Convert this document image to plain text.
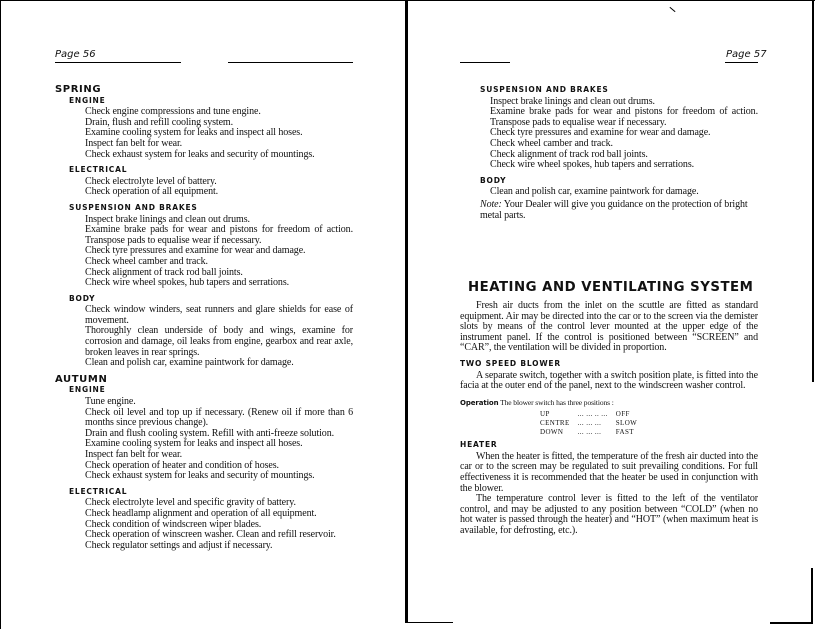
Page 56

SPRING

ENGINE

Check engine compressions and tune engine.
Drain, flush and refill cooling system.
Examine cooling system for leaks and inspect all hoses.
Inspect fan belt for wear.
Check exhaust system for leaks and security of mountings.

ELECTRICAL

Check electrolyte level of battery.
Check operation of all equipment.

SUSPENSION AND BRAKES

Inspect brake linings and clean out drums.
Examine brake pads for wear and pistons for freedom of action. Transpose pads to equalise wear if necessary.
Check tyre pressures and examine for wear and damage.
Check wheel camber and track.
Check alignment of track rod ball joints.
Check wire wheel spokes, hub tapers and serrations.

BODY

Check window winders, seat runners and glare shields for ease of movement.
Thoroughly clean underside of body and wings, examine for corrosion and damage, oil leaks from engine, gearbox and rear axle, broken leaves in rear springs.
Clean and polish car, examine paintwork for damage.

AUTUMN

ENGINE

Tune engine.
Check oil level and top up if necessary. (Renew oil if more than 6 months since previous change).
Drain and flush cooling system. Refill with anti-freeze solution.
Examine cooling system for leaks and inspect all hoses.
Inspect fan belt for wear.
Check operation of heater and condition of hoses.
Check exhaust system for leaks and security of mountings.

ELECTRICAL

Check electrolyte level and specific gravity of battery.
Check headlamp alignment and operation of all equipment.
Check condition of windscreen wiper blades.
Check operation of winscreen washer. Clean and refill reservoir.
Check regulator settings and adjust if necessary.
Page 57

SUSPENSION AND BRAKES

Inspect brake linings and clean out drums.
Examine brake pads for wear and pistons for freedom of action. Transpose pads to equalise wear if necessary.
Check tyre pressures and examine for wear and damage.
Check wheel camber and track.
Check alignment of track rod ball joints.
Check wire wheel spokes, hub tapers and serrations.

BODY

Clean and polish car, examine paintwork for damage.

Note: Your Dealer will give you guidance on the protection of bright metal parts.

HEATING AND VENTILATING SYSTEM

Fresh air ducts from the inlet on the scuttle are fitted as standard equipment. Air may be directed into the car or to the screen via the demister slots by means of the control lever mounted at the upper edge of the instrument panel. If the control is positioned between “SCREEN” and “CAR”, the ventilation will be divided in proportion.

TWO SPEED BLOWER

A separate switch, together with a switch position plate, is fitted into the facia at the outer end of the panel, next to the windscreen washer control.

Operation The blower switch has three positions :

UP	... ... .. ...	OFF
CENTRE	... ... ...	SLOW
DOWN	... ... ...	FAST

HEATER

When the heater is fitted, the temperature of the fresh air ducted into the car or to the screen may be regulated to suit prevailing conditions. For full effectiveness it is recommended that the heater be used in conjunction with the blower.

The temperature control lever is fitted to the left of the ventilator control, and may be adjusted to any position between “COLD” (when no hot water is passed through the heater) and “HOT” (when maximum heat is available, for defrosting, etc.).
